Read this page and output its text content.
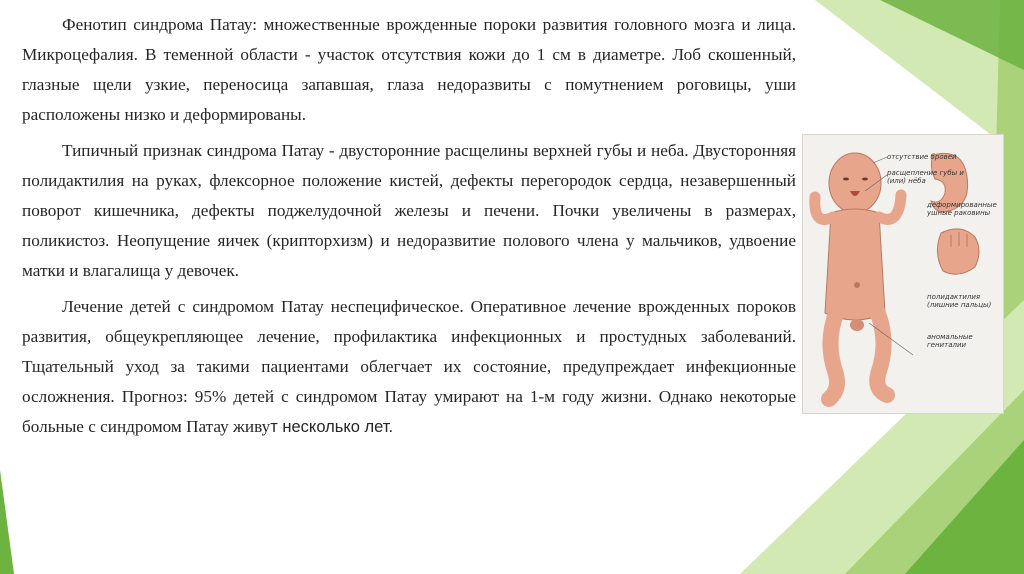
Фенотип синдрома Патау: множественные врожденные пороки развития головного мозга и лица. Микроцефалия. В теменной области - участок отсутствия кожи до 1 см в диаметре. Лоб скошенный, глазные щели узкие, переносица запавшая, глаза недоразвиты с помутнением роговицы, уши расположены низко и деформированы.

Типичный признак синдрома Патау - двусторонние расщелины верхней губы и неба. Двусторонняя полидактилия на руках, флексорное положение кистей, дефекты перегородок сердца, незавершенный поворот кишечника, дефекты поджелудочной железы и печени. Почки увеличены в размерах, поликистоз. Неопущение яичек (крипторхизм) и недоразвитие полового члена у мальчиков, удвоение матки и влагалища у девочек.

Лечение детей с синдромом Патау неспецифическое. Оперативное лечение врожденных пороков развития, общеукрепляющее лечение, профилактика инфекционных и простудных заболеваний. Тщательный уход за такими пациентами облегчает их состояние, предупреждает инфекционные осложнения. Прогноз: 95% детей с синдромом Патау умирают на 1-м году жизни. Однако некоторые больные с синдромом Патау живут несколько лет.

отсутствие бровей
расщепление губы и (или) нёба
деформированные ушные раковины
полидактилия (лишние пальцы)
аномальные гениталии
